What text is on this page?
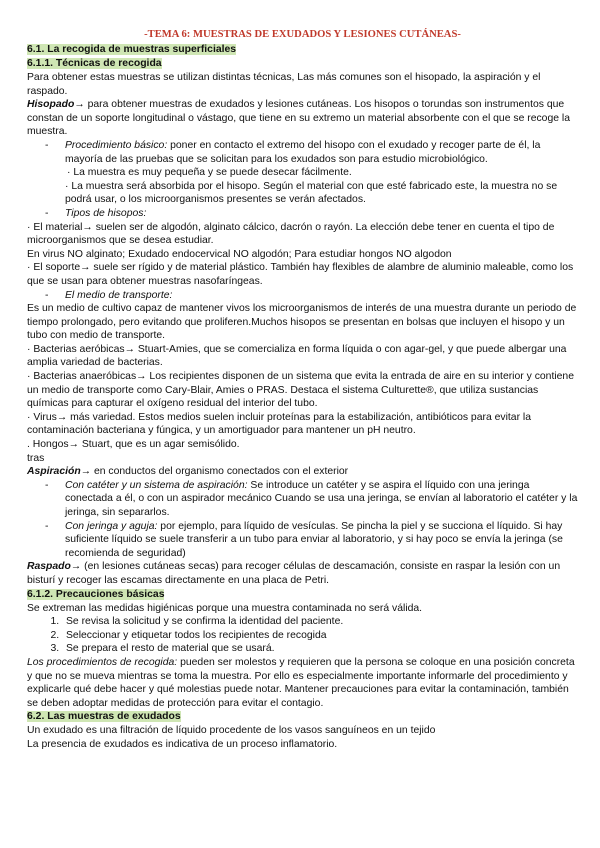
-TEMA 6: MUESTRAS DE EXUDADOS Y LESIONES CUTÁNEAS-

6.1. La recogida de muestras superficiales

6.1.1. Técnicas de recogida

Para obtener estas muestras se utilizan distintas técnicas, Las más comunes son el hisopado, la aspiración y el raspado.

Hisopado→ para obtener muestras de exudados y lesiones cutáneas. Los hisopos o torundas son instrumentos que constan de un soporte longitudinal o vástago, que tiene en su extremo un material absorbente con el que se recoge la muestra.

- Procedimiento básico: poner en contacto el extremo del hisopo con el exudado y recoger parte de él, la mayoría de las pruebas que se solicitan para los exudados son para estudio microbiológico.

· La muestra es muy pequeña y se puede desecar fácilmente.

· La muestra será absorbida por el hisopo. Según el material con que esté fabricado este, la muestra no se podrá usar, o los microorganismos presentes se verán afectados.

- Tipos de hisopos:

· El material→ suelen ser de algodón, alginato cálcico, dacrón o rayón. La elección debe tener en cuenta el tipo de microorganismos que se desea estudiar.

En virus NO alginato; Exudado endocervical NO algodón; Para estudiar hongos NO algodon

· El soporte→ suele ser rígido y de material plástico. También hay flexibles de alambre de aluminio maleable, como los que se usan para obtener muestras nasofaríngeas.

- El medio de transporte:

Es un medio de cultivo capaz de mantener vivos los microorganismos de interés de una muestra durante un periodo de tiempo prolongado, pero evitando que proliferen.Muchos hisopos se presentan en bolsas que incluyen el hisopo y un tubo con medio de transporte.

· Bacterias aeróbicas→ Stuart-Amies, que se comercializa en forma líquida o con agar-gel, y que puede albergar una amplia variedad de bacterias.

· Bacterias anaeróbicas→ Los recipientes disponen de un sistema que evita la entrada de aire en su interior y contiene un medio de transporte como Cary-Blair, Amies o PRAS. Destaca el sistema Culturette®, que utiliza sustancias químicas para capturar el oxígeno residual del interior del tubo.

· Virus→ más variedad. Estos medios suelen incluir proteínas para la estabilización, antibióticos para evitar la contaminación bacteriana y fúngica, y un amortiguador para mantener un pH neutro.

. Hongos→ Stuart, que es un agar semisólido.

tras

Aspiración→ en conductos del organismo conectados con el exterior

- Con catéter y un sistema de aspiración: Se introduce un catéter y se aspira el líquido con una jeringa conectada a él, o con un aspirador mecánico Cuando se usa una jeringa, se envían al laboratorio el catéter y la jeringa, sin separarlos.

- Con jeringa y aguja: por ejemplo, para líquido de vesículas. Se pincha la piel y se succiona el líquido. Si hay suficiente líquido se suele transferir a un tubo para enviar al laboratorio, y si hay poco se envía la jeringa (se recomienda de seguridad)

Raspado→ (en lesiones cutáneas secas) para recoger células de descamación, consiste en raspar la lesión con un bisturí y recoger las escamas directamente en una placa de Petri.

6.1.2. Precauciones básicas

Se extreman las medidas higiénicas porque una muestra contaminada no será válida.

1. Se revisa la solicitud y se confirma la identidad del paciente.
2. Seleccionar y etiquetar todos los recipientes de recogida
3. Se prepara el resto de material que se usará.

Los procedimientos de recogida: pueden ser molestos y requieren que la persona se coloque en una posición concreta y que no se mueva mientras se toma la muestra. Por ello es especialmente importante informarle del procedimiento y explicarle qué debe hacer y qué molestias puede notar. Mantener precauciones para evitar la contaminación, también se deben adoptar medidas de protección para evitar el contagio.

6.2. Las muestras de exudados

Un exudado es una filtración de líquido procedente de los vasos sanguíneos en un tejido

La presencia de exudados es indicativa de un proceso inflamatorio.
